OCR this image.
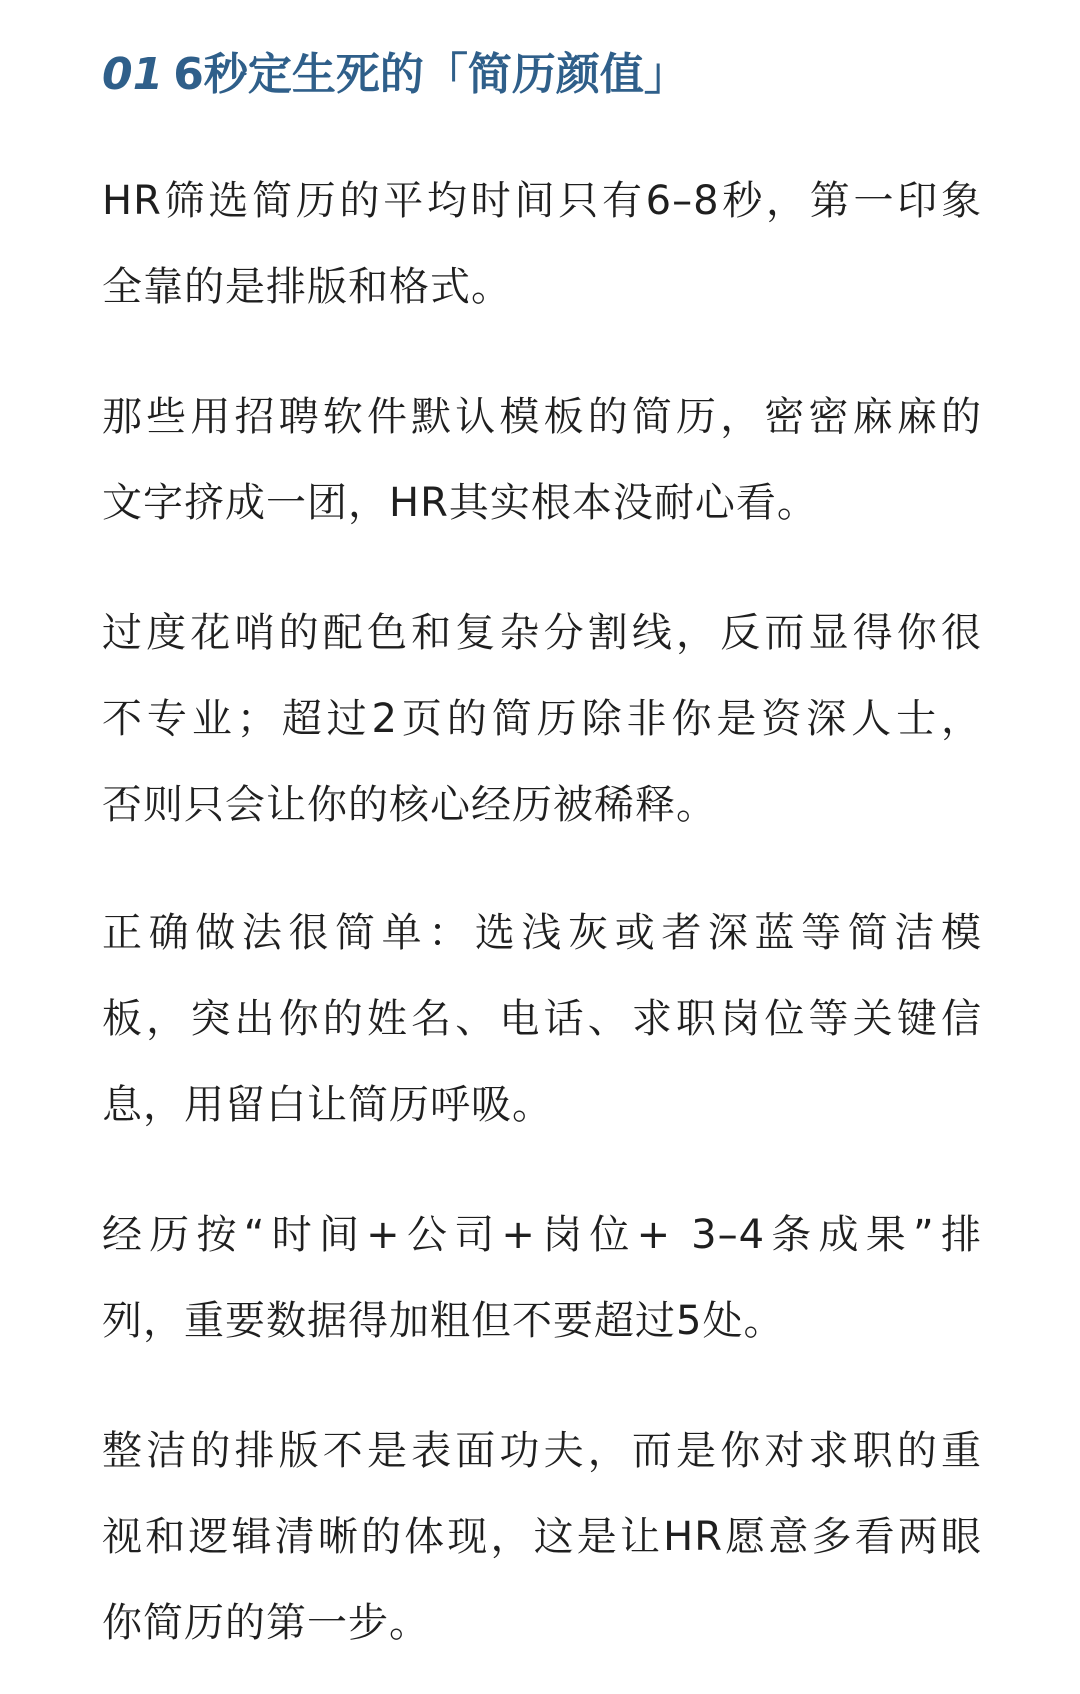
01 6秒定生死的「简历颜值」

HR筛选简历的平均时间只有6–8秒，第一印象
全靠的是排版和格式。

那些用招聘软件默认模板的简历，密密麻麻的
文字挤成一团，HR其实根本没耐心看。

过度花哨的配色和复杂分割线，反而显得你很
不专业；超过2页的简历除非你是资深人士，
否则只会让你的核心经历被稀释。

正确做法很简单：选浅灰或者深蓝等简洁模
板，突出你的姓名、电话、求职岗位等关键信
息，用留白让简历呼吸。

经历按“时间+公司+岗位+ 3–4条成果”排
列，重要数据得加粗但不要超过5处。

整洁的排版不是表面功夫，而是你对求职的重
视和逻辑清晰的体现，这是让HR愿意多看两眼
你简历的第一步。
